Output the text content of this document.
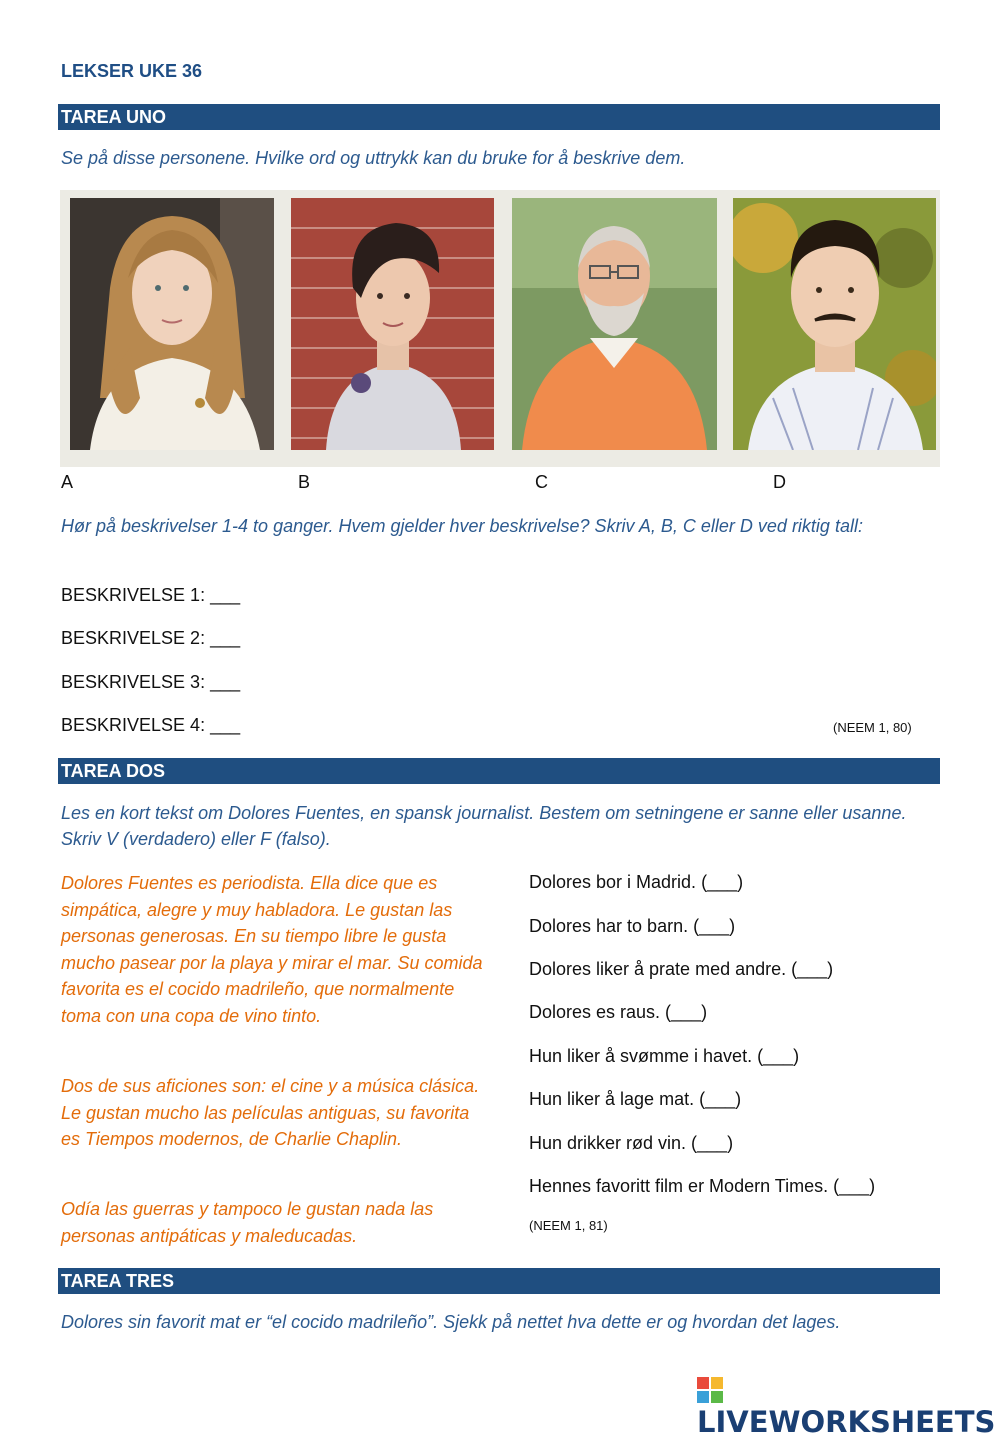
LEKSER UKE 36
TAREA UNO
Se på disse personene. Hvilke ord og uttrykk kan du bruke for å beskrive dem.
A	B	C	D
Hør på beskrivelser 1-4 to ganger. Hvem gjelder hver beskrivelse? Skriv A, B, C eller D ved riktig tall:
BESKRIVELSE 1: ___
BESKRIVELSE 2: ___
BESKRIVELSE 3: ___
BESKRIVELSE 4: ___	(NEEM 1, 80)
TAREA DOS
Les en kort tekst om Dolores Fuentes, en spansk journalist. Bestem om setningene er sanne eller usanne. Skriv V (verdadero) eller F (falso).
Dolores Fuentes es periodista. Ella dice que es simpática, alegre y muy habladora. Le gustan las personas generosas. En su tiempo libre le gusta mucho pasear por la playa y mirar el mar. Su comida favorita es el cocido madrileño, que normalmente toma con una copa de vino tinto.
Dos de sus aficiones son: el cine y a música clásica. Le gustan mucho las películas antiguas, su favorita es Tiempos modernos, de Charlie Chaplin.
Odía las guerras y tampoco le gustan nada las personas antipáticas y maleducadas.
Dolores bor i Madrid. (___)
Dolores har to barn. (___)
Dolores liker å prate med andre. (___)
Dolores es raus. (___)
Hun liker å svømme i havet. (___)
Hun liker å lage mat. (___)
Hun drikker rød vin. (___)
Hennes favoritt film er Modern Times. (___)
(NEEM 1, 81)
TAREA TRES
Dolores sin favorit mat er “el cocido madrileño”. Sjekk på nettet hva dette er og hvordan det lages.
LIVEWORKSHEETS
